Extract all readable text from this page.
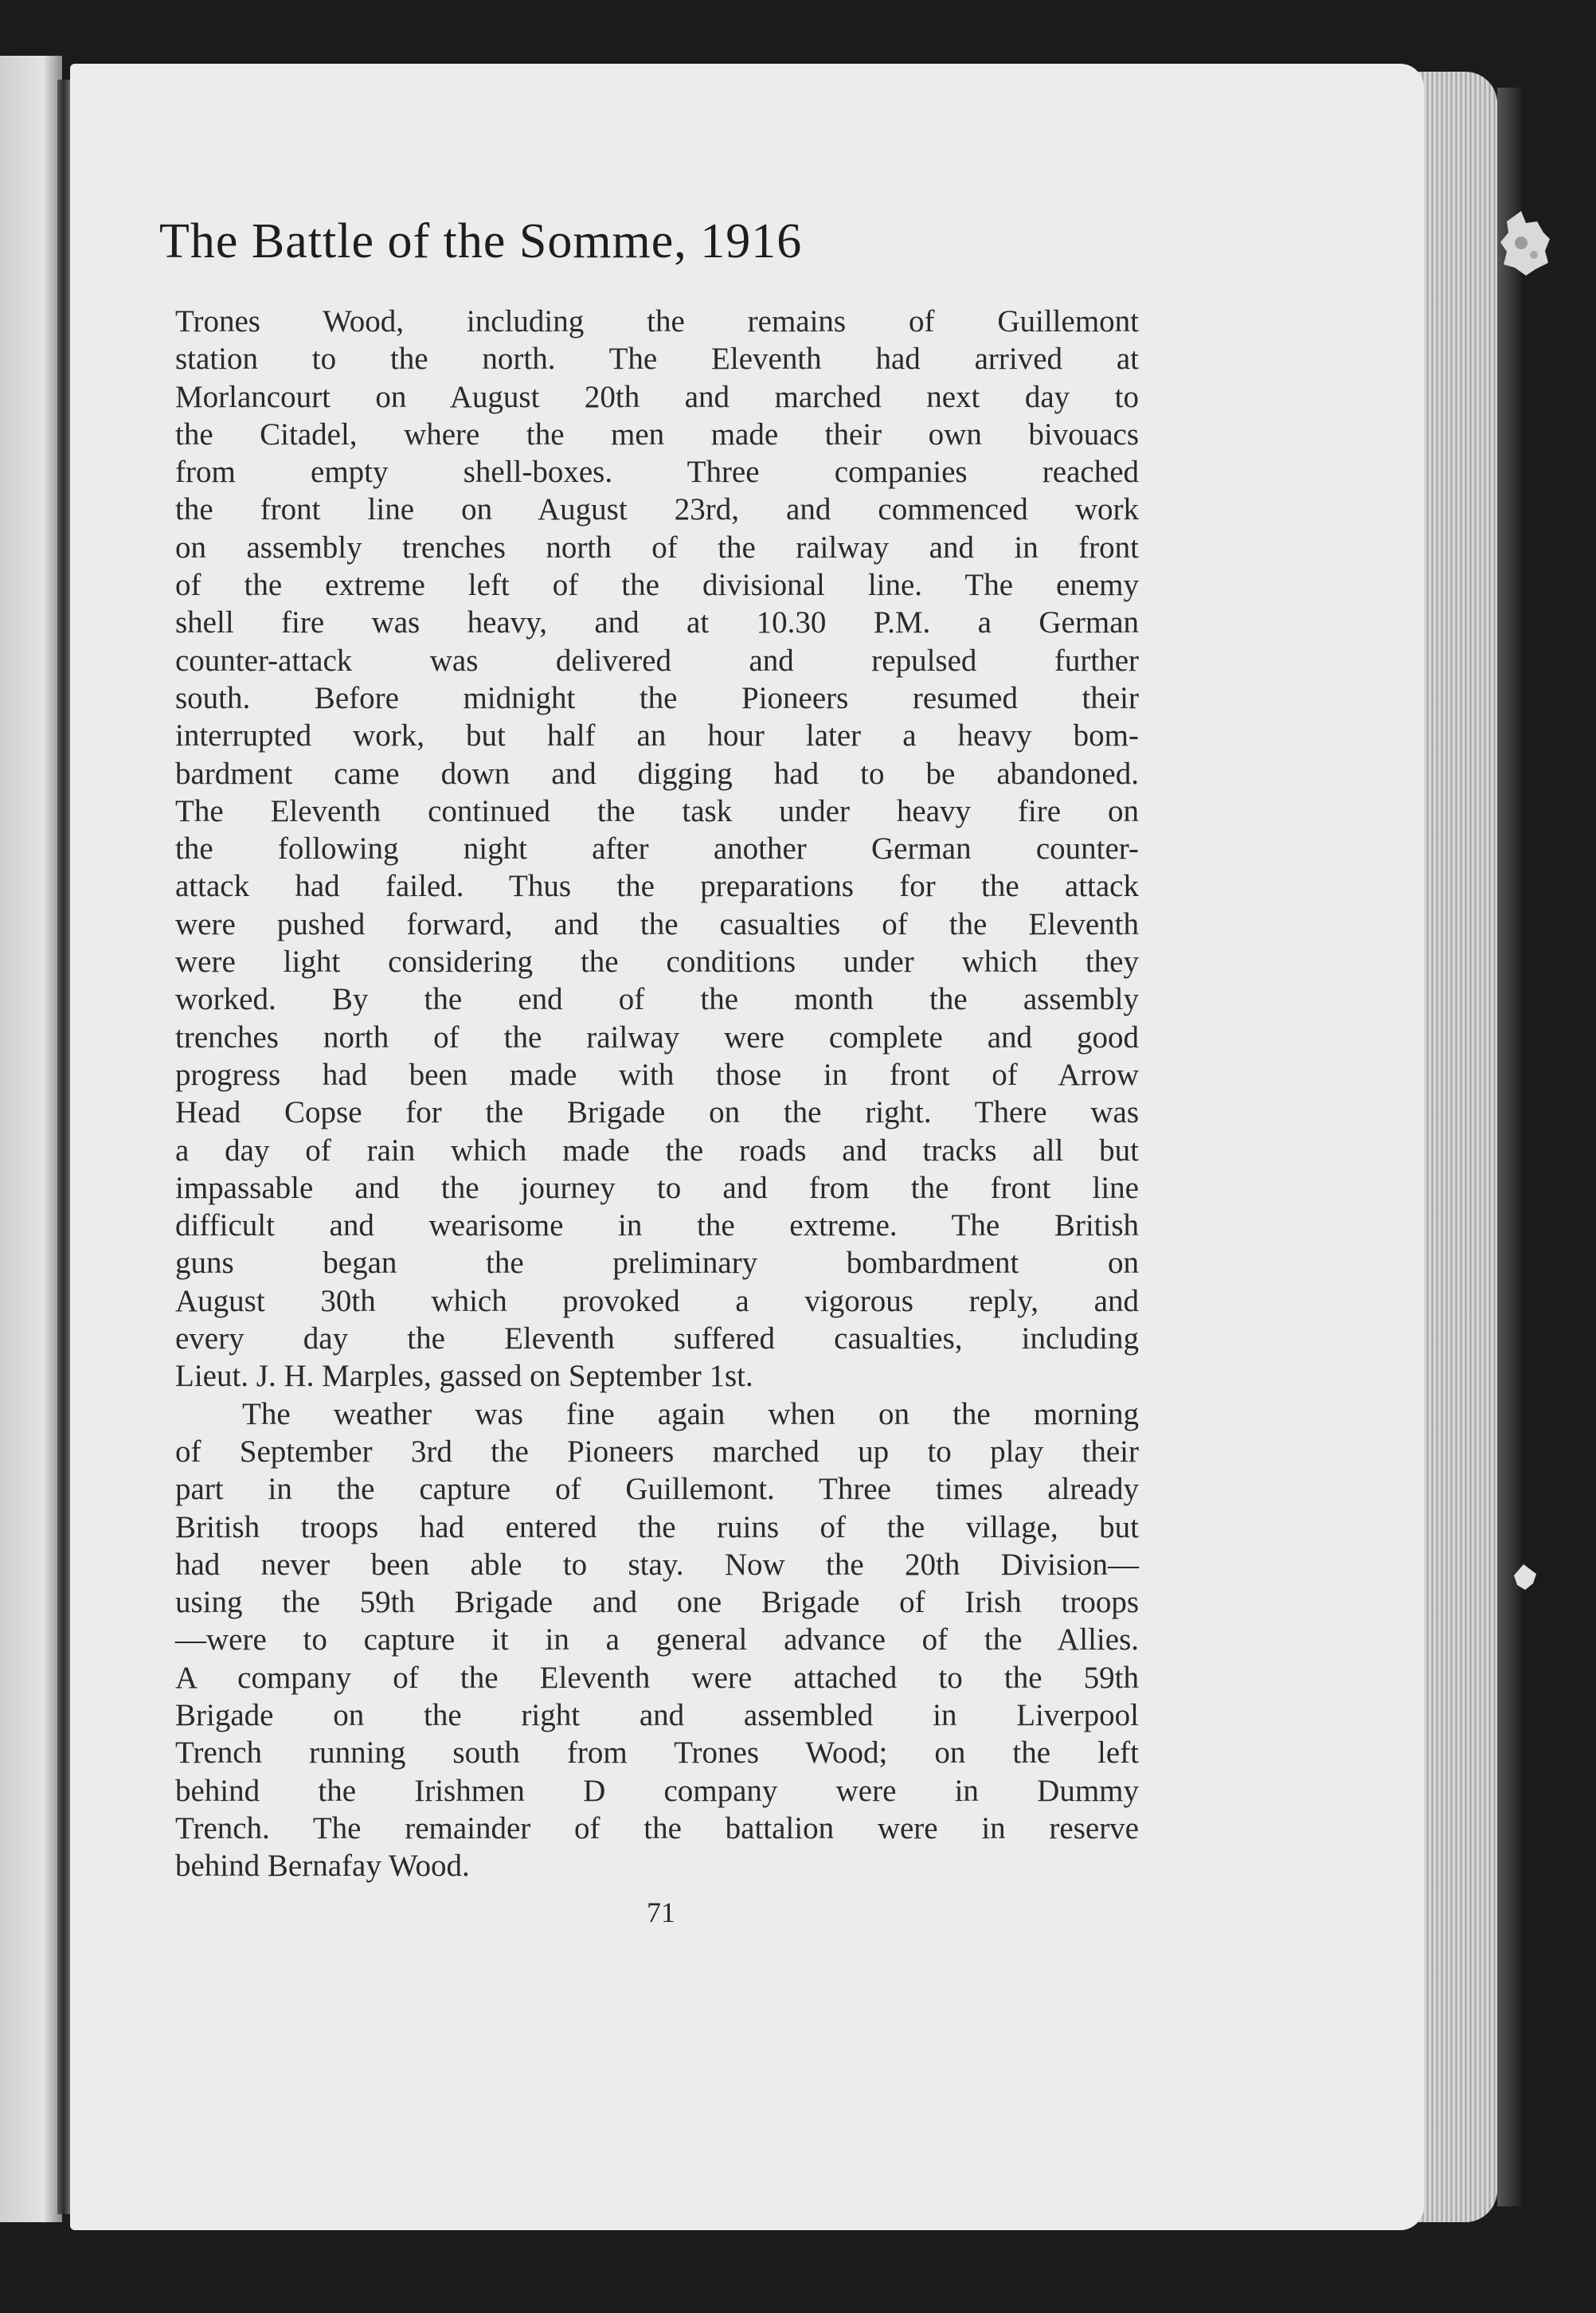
The Battle of the Somme, 1916
Trones Wood, including the remains of Guillemont
station to the north. The Eleventh had arrived at
Morlancourt on August 20th and marched next day to
the Citadel, where the men made their own bivouacs
from empty shell-boxes. Three companies reached
the front line on August 23rd, and commenced work
on assembly trenches north of the railway and in front
of the extreme left of the divisional line. The enemy
shell fire was heavy, and at 10.30 P.M. a German
counter-attack was delivered and repulsed further
south. Before midnight the Pioneers resumed their
interrupted work, but half an hour later a heavy bom-
bardment came down and digging had to be abandoned.
The Eleventh continued the task under heavy fire on
the following night after another German counter-
attack had failed. Thus the preparations for the attack
were pushed forward, and the casualties of the Eleventh
were light considering the conditions under which they
worked. By the end of the month the assembly
trenches north of the railway were complete and good
progress had been made with those in front of Arrow
Head Copse for the Brigade on the right. There was
a day of rain which made the roads and tracks all but
impassable and the journey to and from the front line
difficult and wearisome in the extreme. The British
guns began the preliminary bombardment on
August 30th which provoked a vigorous reply, and
every day the Eleventh suffered casualties, including
Lieut. J. H. Marples, gassed on September 1st.
The weather was fine again when on the morning
of September 3rd the Pioneers marched up to play their
part in the capture of Guillemont. Three times already
British troops had entered the ruins of the village, but
had never been able to stay. Now the 20th Division—
using the 59th Brigade and one Brigade of Irish troops
—were to capture it in a general advance of the Allies.
A company of the Eleventh were attached to the 59th
Brigade on the right and assembled in Liverpool
Trench running south from Trones Wood; on the left
behind the Irishmen D company were in Dummy
Trench. The remainder of the battalion were in reserve
behind Bernafay Wood.
71
